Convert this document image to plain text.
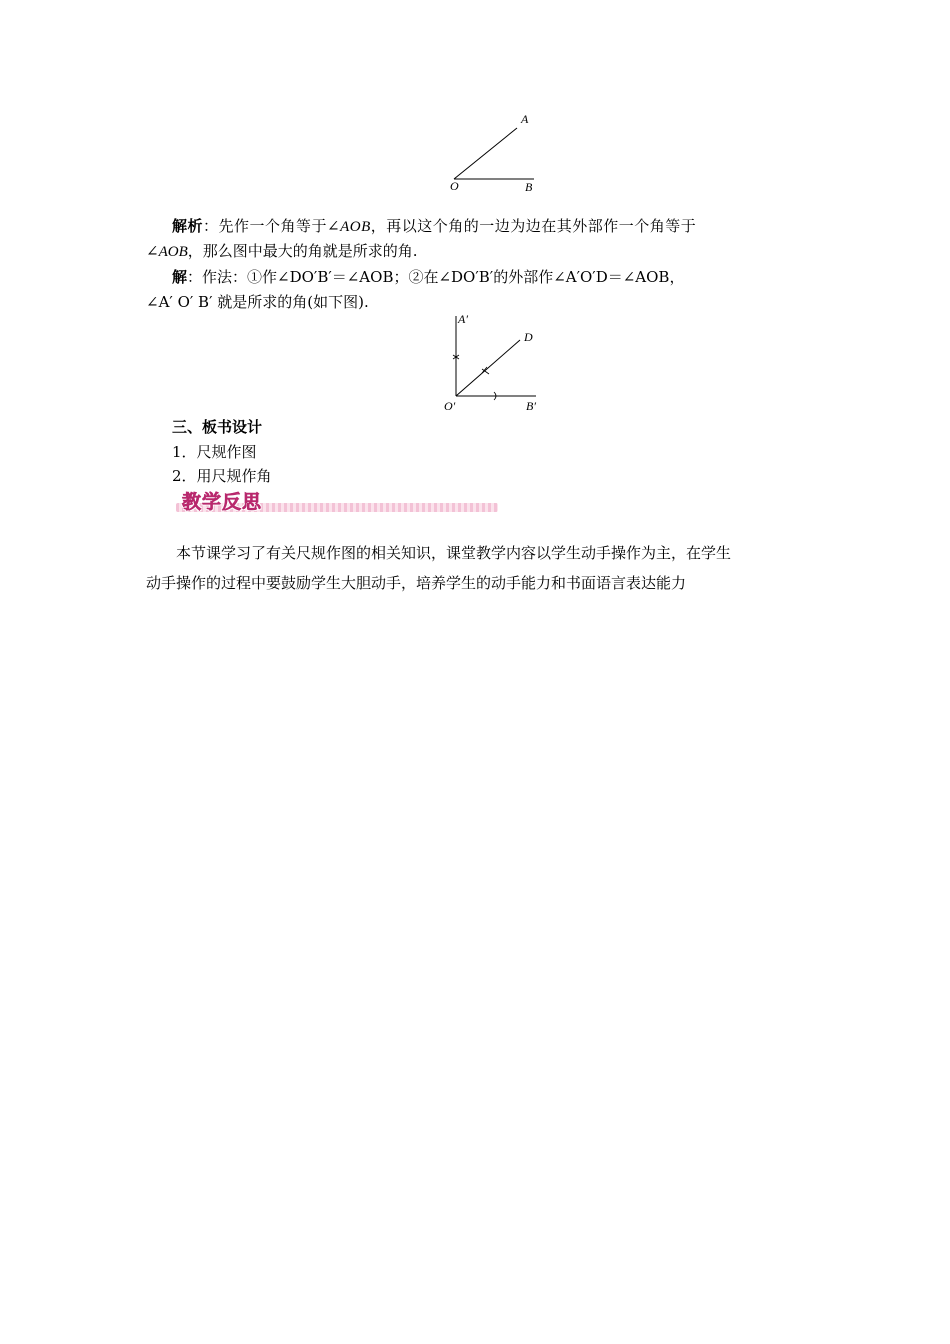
A
O	B
解析：先作一个角等于∠AOB，再以这个角的一边为边在其外部作一个角等于
∠AOB，那么图中最大的角就是所求的角.
解：作法：①作∠DO′B′＝∠AOB；②在∠DO′B′的外部作∠A′O′D＝∠AOB，
∠A′ O′ B′ 就是所求的角(如下图).
A′
D
O′	B′
三、板书设计
1．尺规作图
2．用尺规作角
教学反思
本节课学习了有关尺规作图的相关知识，课堂教学内容以学生动手操作为主，在学生
动手操作的过程中要鼓励学生大胆动手，培养学生的动手能力和书面语言表达能力
